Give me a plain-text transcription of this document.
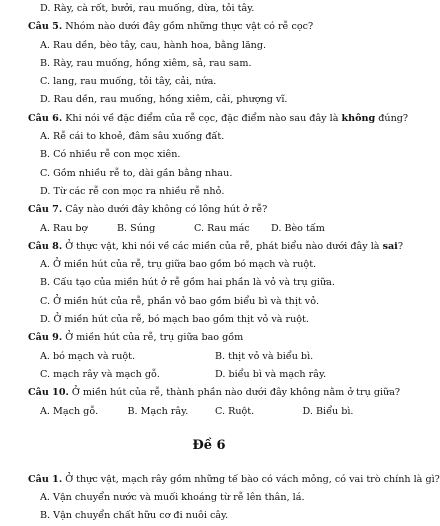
D. Rày, cà rốt, bưởi, rau muống, dừa, tỏi tây.
Câu 5. Nhóm nào dưới đây gồm những thực vật có rễ cọc?
A. Rau dền, bèo tây, cau, hành hoa, bằng lăng.
B. Rày, rau muống, hồng xiêm, sả, rau sam.
C. lang, rau muống, tỏi tây, cải, nứa.
D. Rau dền, rau muống, hồng xiêm, cải, phượng vĩ.
Câu 6. Khi nói về đặc điểm của rễ cọc, đặc điểm nào sau đây là không đúng?
A. Rễ cái to khoẻ, đâm sâu xuống đất.
B. Có nhiều rễ con mọc xiên.
C. Gồm nhiều rễ to, dài gần bằng nhau.
D. Từ các rễ con mọc ra nhiều rễ nhỏ.
Câu 7. Cây nào dưới đây không có lông hút ở rễ?
A. Rau bợ	B. Súng	C. Rau mác	D. Bèo tấm
Câu 8. Ở thực vật, khi nói về các miền của rễ, phát biểu nào dưới đây là sai?
A. Ở miền hút của rễ, trụ giữa bao gồm bó mạch và ruột.
B. Cấu tạo của miền hút ở rễ gồm hai phần là vỏ và trụ giữa.
C. Ở miền hút của rễ, phần vỏ bao gồm biểu bì và thịt vỏ.
D. Ở miền hút của rễ, bó mạch bao gồm thịt vỏ và ruột.
Câu 9. Ở miền hút của rễ, trụ giữa bao gồm
A. bó mạch và ruột.	B. thịt vỏ và biểu bì.
C. mạch rây và mạch gỗ.	D. biểu bì và mạch rây.
Câu 10. Ở miền hút của rễ, thành phần nào dưới đây không nằm ở trụ giữa?
A. Mạch gỗ.	B. Mạch rây.	C. Ruột.	D. Biểu bì.
Đề 6
Câu 1. Ở thực vật, mạch rây gồm những tế bào có vách mỏng, có vai trò chính là gì?
A. Vận chuyển nước và muối khoáng từ rễ lên thân, lá.
B. Vận chuyển chất hữu cơ đi nuôi cây.
